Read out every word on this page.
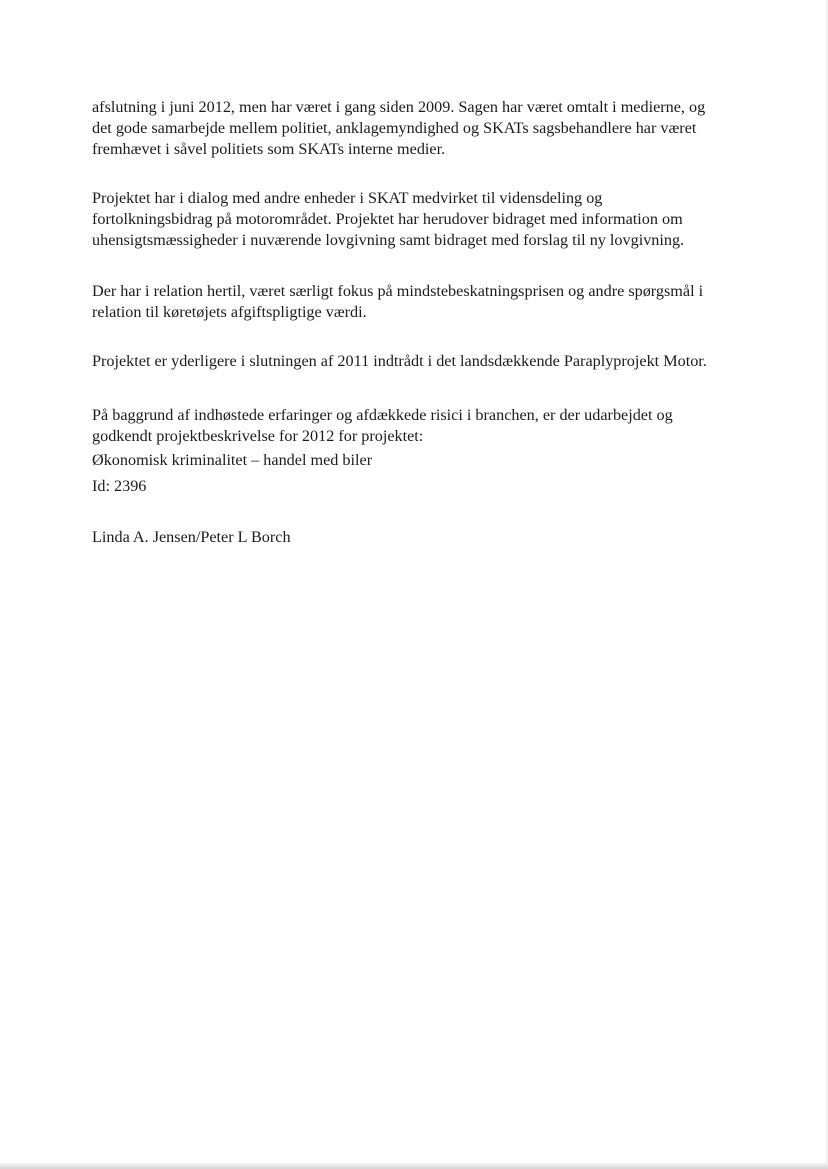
afslutning i juni 2012, men har været i gang siden 2009. Sagen har været omtalt i medierne, og
det gode samarbejde mellem politiet, anklagemyndighed og SKATs sagsbehandlere har været
fremhævet i såvel politiets som SKATs interne medier.

Projektet har i dialog med andre enheder i SKAT medvirket til vidensdeling og
fortolkningsbidrag på motorområdet. Projektet har herudover bidraget med information om
uhensigtsmæssigheder i nuværende lovgivning samt bidraget med forslag til ny lovgivning.

Der har i relation hertil, været særligt fokus på mindstebeskatningsprisen og andre spørgsmål i
relation til køretøjets afgiftspligtige værdi.

Projektet er yderligere i slutningen af 2011 indtrådt i det landsdækkende Paraplyprojekt Motor.

På baggrund af indhøstede erfaringer og afdækkede risici i branchen, er der udarbejdet og
godkendt projektbeskrivelse for 2012 for projektet:

Økonomisk kriminalitet – handel med biler

Id: 2396

Linda A. Jensen/Peter L Borch
